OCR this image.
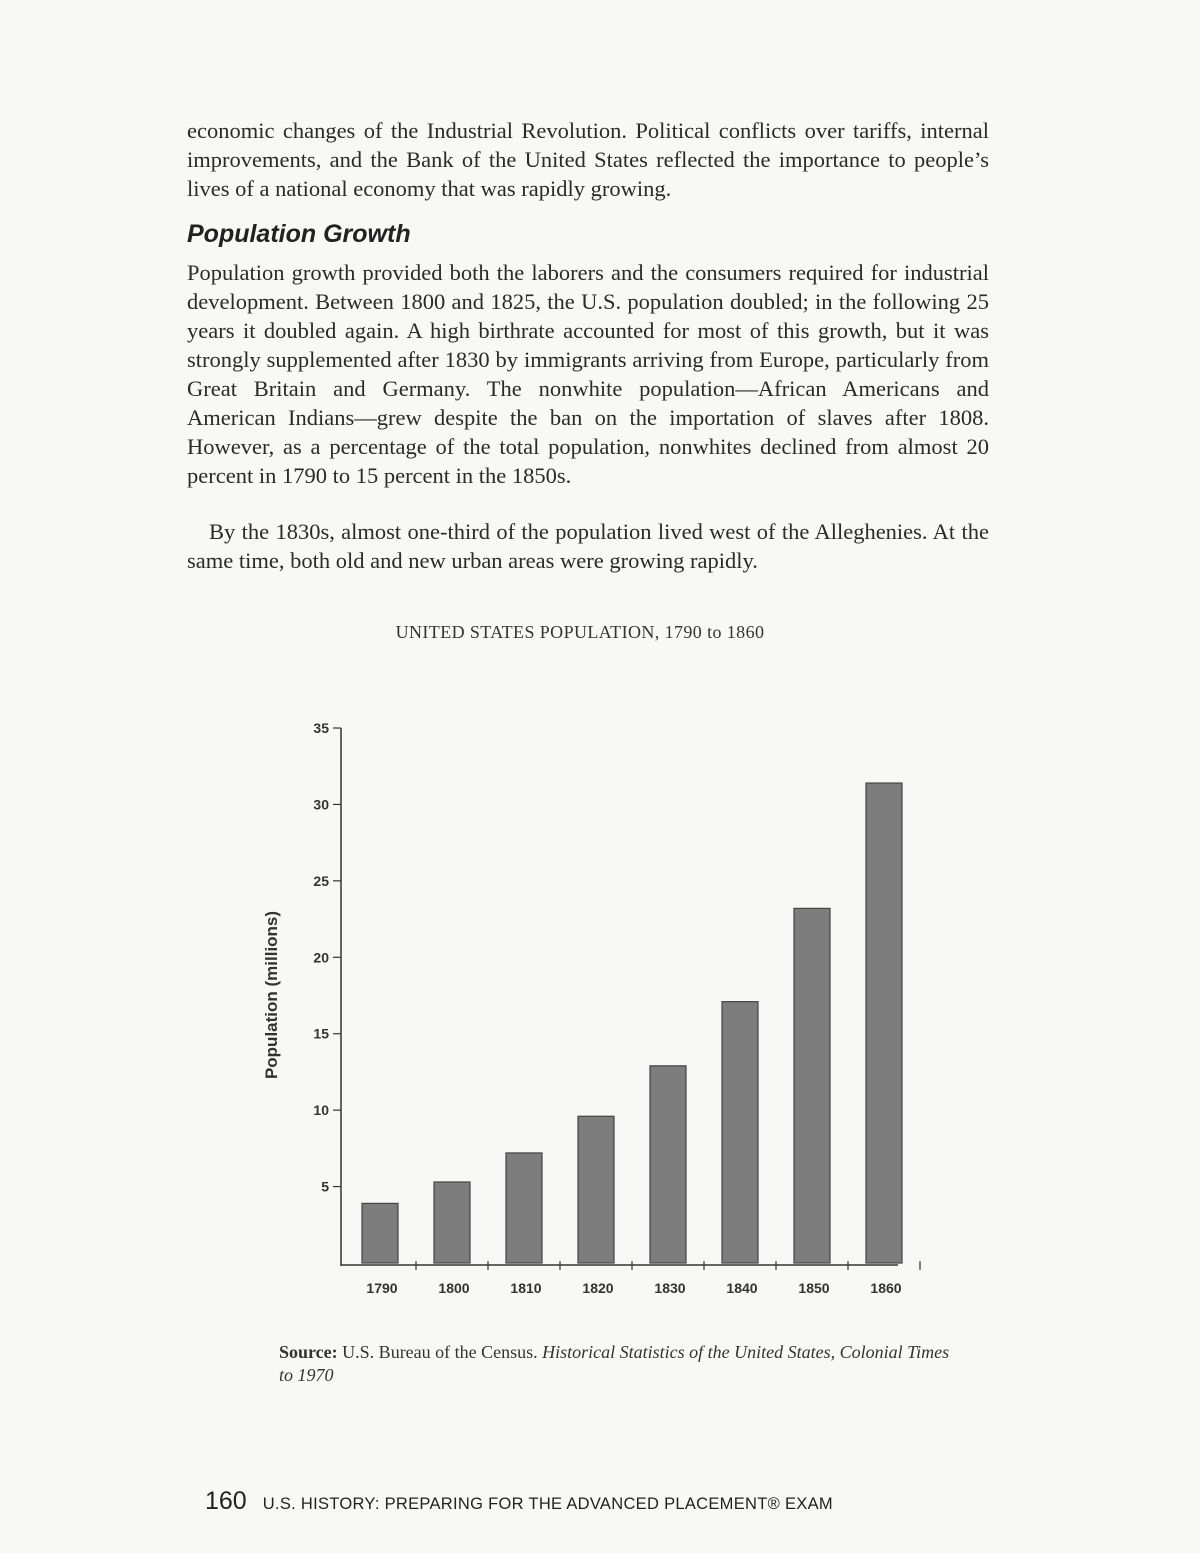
economic changes of the Industrial Revolution. Political conflicts over tariffs, internal improvements, and the Bank of the United States reflected the importance to people’s lives of a national economy that was rapidly growing.

Population Growth

Population growth provided both the laborers and the consumers required for industrial development. Between 1800 and 1825, the U.S. population doubled; in the following 25 years it doubled again. A high birthrate accounted for most of this growth, but it was strongly supplemented after 1830 by immigrants arriving from Europe, particularly from Great Britain and Germany. The nonwhite population—African Americans and American Indians—grew despite the ban on the importation of slaves after 1808. However, as a percentage of the total population, nonwhites declined from almost 20 percent in 1790 to 15 percent in the 1850s.

By the 1830s, almost one-third of the population lived west of the Alleghenies. At the same time, both old and new urban areas were growing rapidly.

UNITED STATES POPULATION, 1790 to 1860
5
10
15
20
25
30
35
Population (millions)
1790	1800	1810	1820	1830	1840	1850	1860
Source: U.S. Bureau of the Census. Historical Statistics of the United States, Colonial Times to 1970
160 U.S. HISTORY: PREPARING FOR THE ADVANCED PLACEMENT® EXAM
